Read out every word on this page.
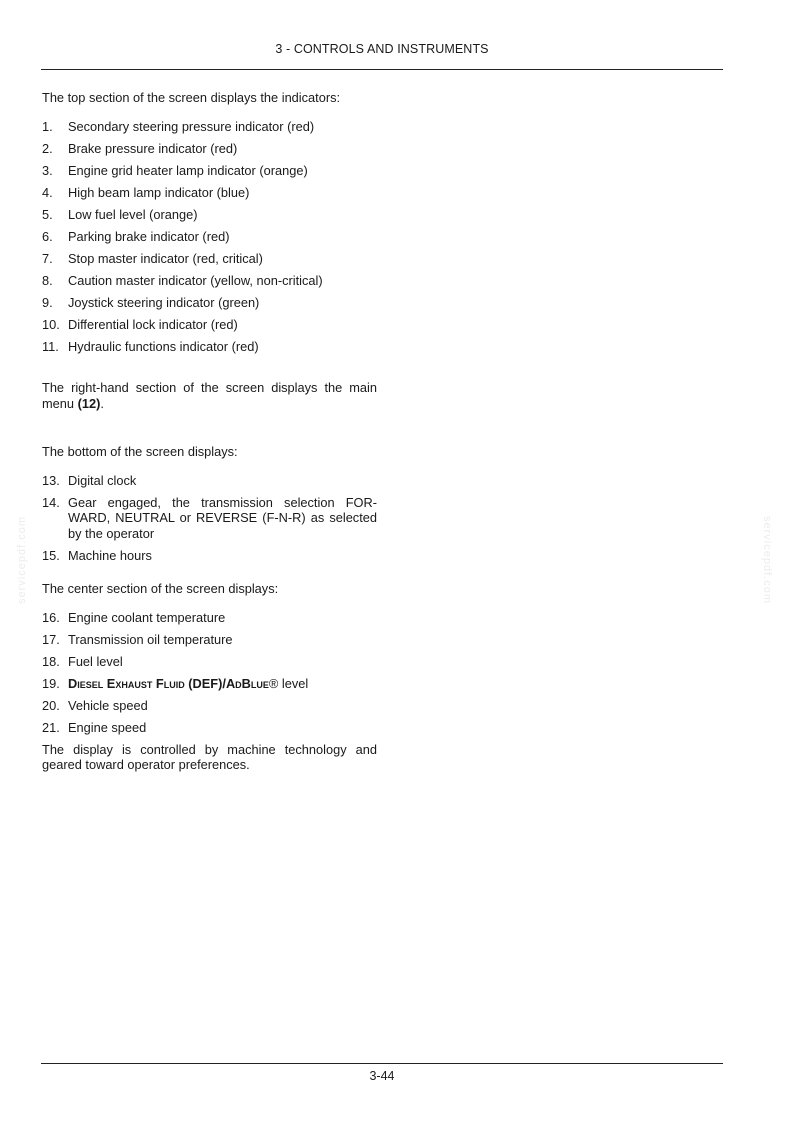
3 - CONTROLS AND INSTRUMENTS
servicepdf.com	servicepdf.com

The top section of the screen displays the indicators:

1.	Secondary steering pressure indicator (red)
2.	Brake pressure indicator (red)
3.	Engine grid heater lamp indicator (orange)
4.	High beam lamp indicator (blue)
5.	Low fuel level (orange)
6.	Parking brake indicator (red)
7.	Stop master indicator (red, critical)
8.	Caution master indicator (yellow, non-critical)
9.	Joystick steering indicator (green)
10. Differential lock indicator (red)
11. Hydraulic functions indicator (red)

The right-hand section of the screen displays the main menu (12).

The bottom of the screen displays:

13. Digital clock
14. Gear engaged, the transmission selection FOR-WARD, NEUTRAL or REVERSE (F-N-R) as selected by the operator
15. Machine hours

The center section of the screen displays:

16. Engine coolant temperature
17. Transmission oil temperature
18. Fuel level
19. Diesel Exhaust Fluid (DEF)/AdBlue® level
20. Vehicle speed
21. Engine speed

The display is controlled by machine technology and geared toward operator preferences.

3-44
